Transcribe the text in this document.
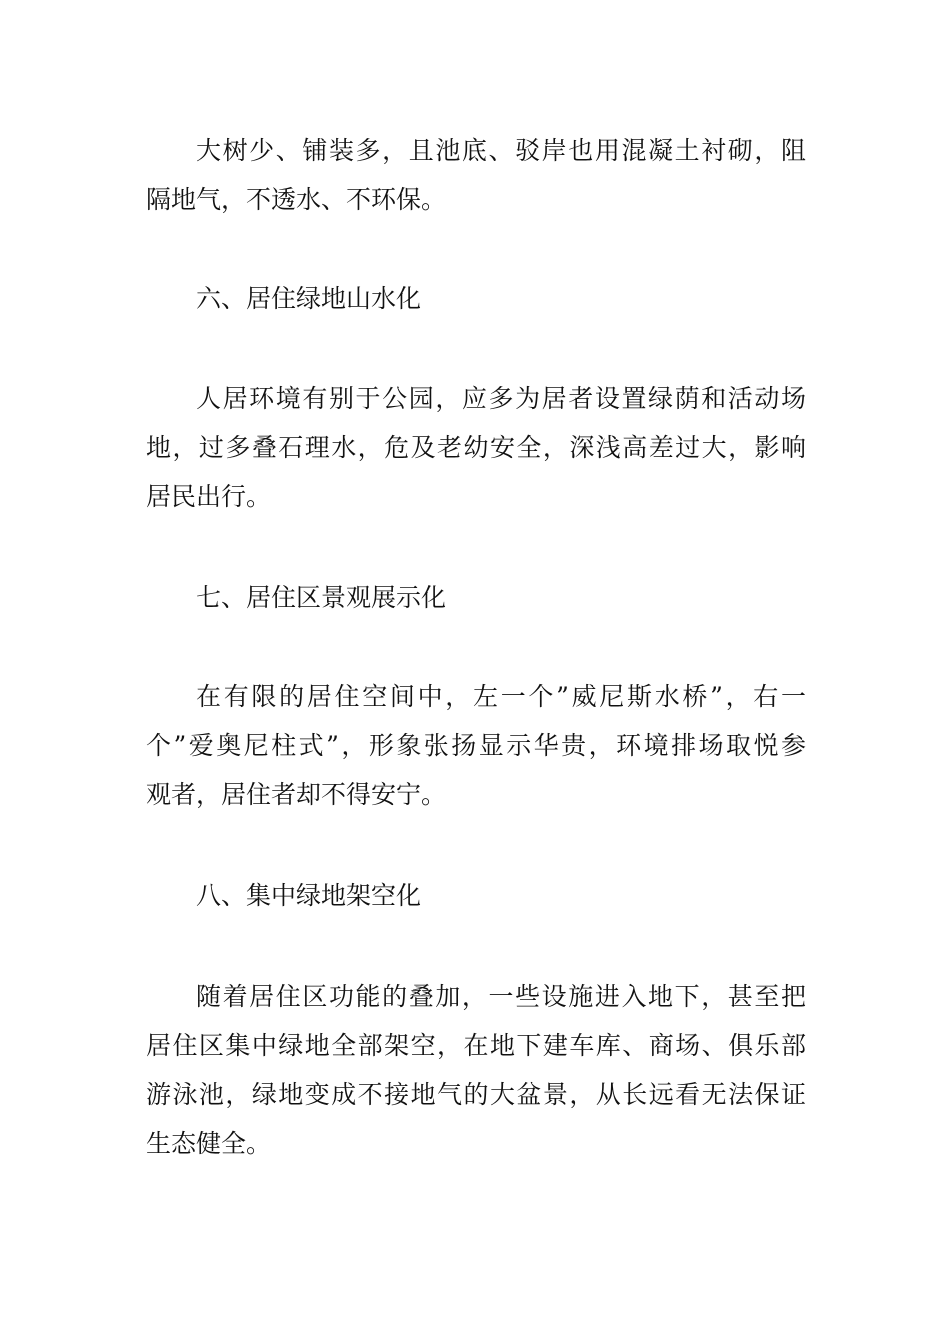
大树少、铺装多，且池底、驳岸也用混凝土衬砌，阻
隔地气，不透水、不环保。
六、居住绿地山水化
人居环境有别于公园，应多为居者设置绿荫和活动场
地，过多叠石理水，危及老幼安全，深浅高差过大，影响
居民出行。
七、居住区景观展示化
在有限的居住空间中，左一个”威尼斯水桥”，右一
个”爱奥尼柱式”，形象张扬显示华贵，环境排场取悦参
观者，居住者却不得安宁。
八、集中绿地架空化
随着居住区功能的叠加，一些设施进入地下，甚至把
居住区集中绿地全部架空，在地下建车库、商场、俱乐部
游泳池，绿地变成不接地气的大盆景，从长远看无法保证
生态健全。
